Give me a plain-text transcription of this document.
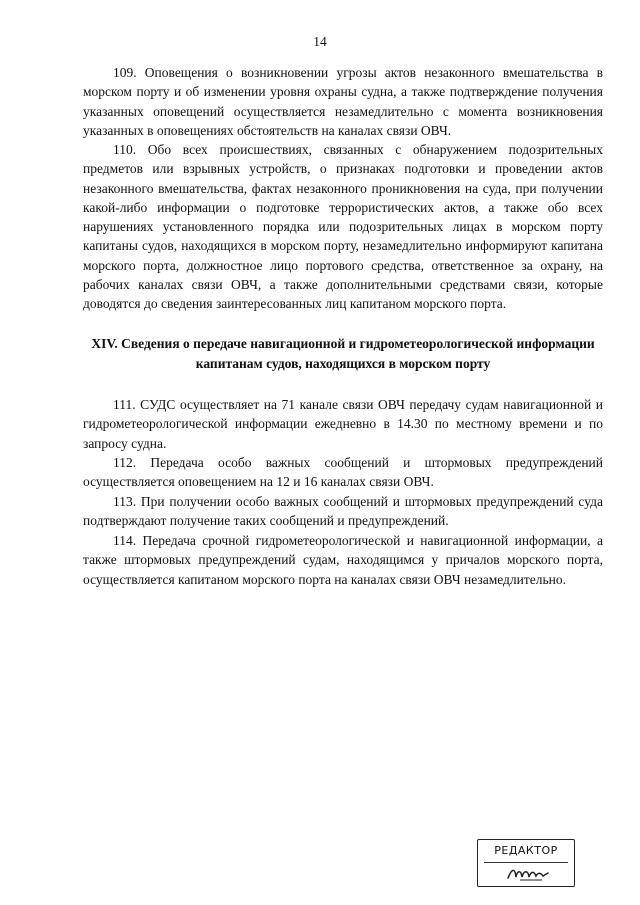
14

109. Оповещения о возникновении угрозы актов незаконного вмешательства в морском порту и об изменении уровня охраны судна, а также подтверждение получения указанных оповещений осуществляется незамедлительно с момента возникновения указанных в оповещениях обстоятельств на каналах связи ОВЧ.

110. Обо всех происшествиях, связанных с обнаружением подозрительных предметов или взрывных устройств, о признаках подготовки и проведении актов незаконного вмешательства, фактах незаконного проникновения на суда, при получении какой-либо информации о подготовке террористических актов, а также обо всех нарушениях установленного порядка или подозрительных лицах в морском порту капитаны судов, находящихся в морском порту, незамедлительно информируют капитана морского порта, должностное лицо портового средства, ответственное за охрану, на рабочих каналах связи ОВЧ, а также дополнительными средствами связи, которые доводятся до сведения заинтересованных лиц капитаном морского порта.

XIV. Сведения о передаче навигационной и гидрометеорологической информации капитанам судов, находящихся в морском порту

111. СУДС осуществляет на 71 канале связи ОВЧ передачу судам навигационной и гидрометеорологической информации ежедневно в 14.30 по местному времени и по запросу судна.

112. Передача особо важных сообщений и штормовых предупреждений осуществляется оповещением на 12 и 16 каналах связи ОВЧ.

113. При получении особо важных сообщений и штормовых предупреждений суда подтверждают получение таких сообщений и предупреждений.

114. Передача срочной гидрометеорологической и навигационной информации, а также штормовых предупреждений судам, находящимся у причалов морского порта, осуществляется капитаном морского порта на каналах связи ОВЧ незамедлительно.

РЕДАКТОР
